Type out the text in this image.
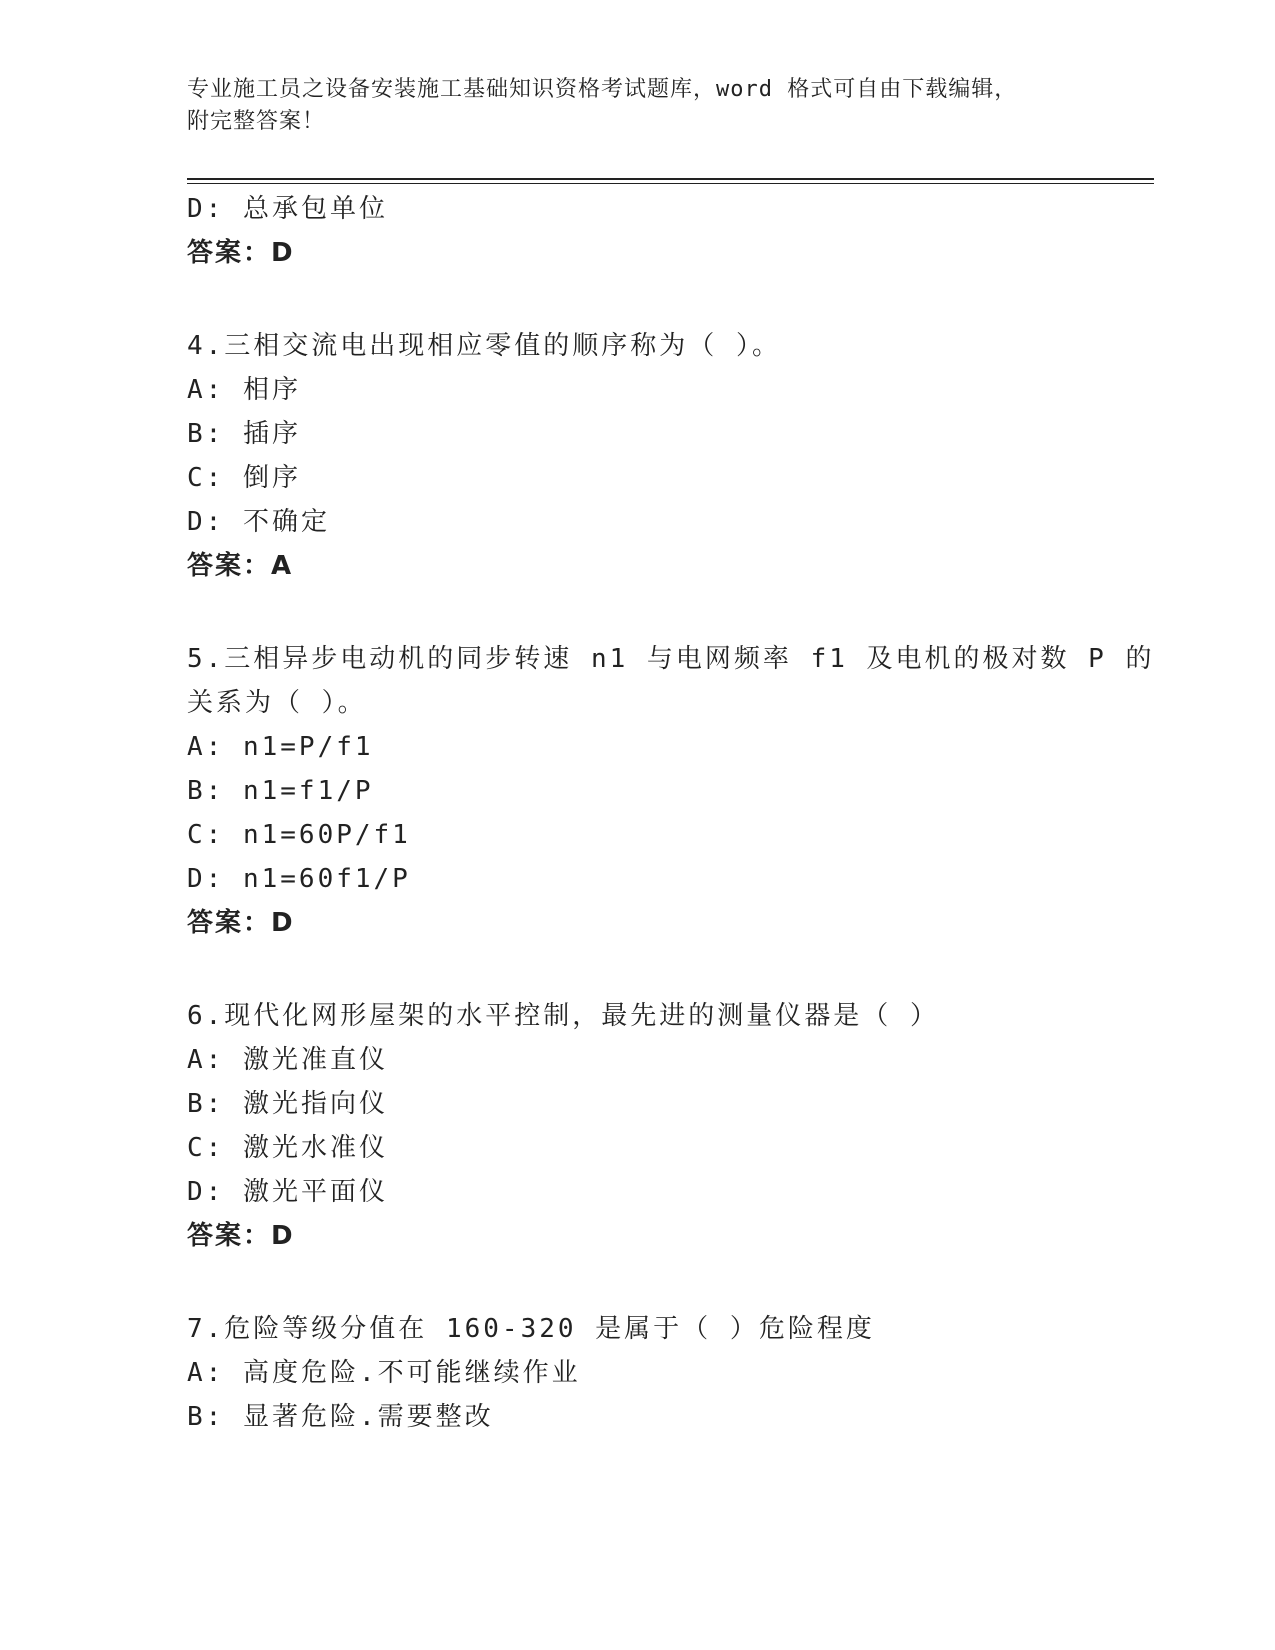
专业施工员之设备安装施工基础知识资格考试题库，word 格式可自由下载编辑，
附完整答案！
D: 总承包单位
答案：D
4.三相交流电出现相应零值的顺序称为（ ）。
A: 相序
B: 插序
C: 倒序
D: 不确定
答案：A
5.三相异步电动机的同步转速 n1 与电网频率 f1 及电机的极对数 P 的
关系为（ ）。
A: n1=P/f1
B: n1=f1/P
C: n1=60P/f1
D: n1=60f1/P
答案：D
6.现代化网形屋架的水平控制，最先进的测量仪器是（ ）
A: 激光准直仪
B: 激光指向仪
C: 激光水准仪
D: 激光平面仪
答案：D
7.危险等级分值在 160-320 是属于（ ）危险程度
A: 高度危险.不可能继续作业
B: 显著危险.需要整改
